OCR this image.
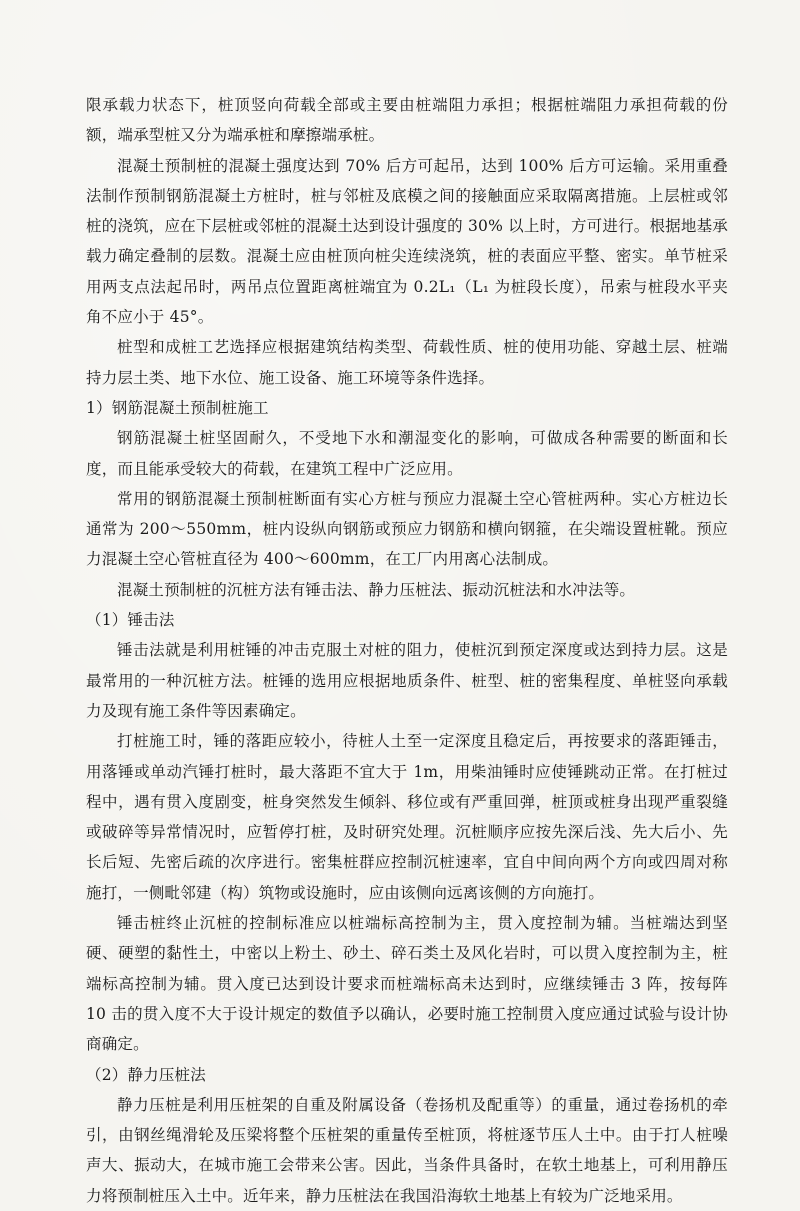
限承载力状态下，桩顶竖向荷载全部或主要由桩端阻力承担；根据桩端阻力承担荷载的份额，端承型桩又分为端承桩和摩擦端承桩。

混凝土预制桩的混凝土强度达到 70% 后方可起吊，达到 100% 后方可运输。采用重叠法制作预制钢筋混凝土方桩时，桩与邻桩及底模之间的接触面应采取隔离措施。上层桩或邻桩的浇筑，应在下层桩或邻桩的混凝土达到设计强度的 30% 以上时，方可进行。根据地基承载力确定叠制的层数。混凝土应由桩顶向桩尖连续浇筑，桩的表面应平整、密实。单节桩采用两支点法起吊时，两吊点位置距离桩端宜为 0.2L₁（L₁ 为桩段长度），吊索与桩段水平夹角不应小于 45°。

桩型和成桩工艺选择应根据建筑结构类型、荷载性质、桩的使用功能、穿越土层、桩端持力层土类、地下水位、施工设备、施工环境等条件选择。

1）钢筋混凝土预制桩施工

钢筋混凝土桩坚固耐久，不受地下水和潮湿变化的影响，可做成各种需要的断面和长度，而且能承受较大的荷载，在建筑工程中广泛应用。

常用的钢筋混凝土预制桩断面有实心方桩与预应力混凝土空心管桩两种。实心方桩边长通常为 200～550mm，桩内设纵向钢筋或预应力钢筋和横向钢箍，在尖端设置桩靴。预应力混凝土空心管桩直径为 400～600mm，在工厂内用离心法制成。

混凝土预制桩的沉桩方法有锤击法、静力压桩法、振动沉桩法和水冲法等。

（1）锤击法

锤击法就是利用桩锤的冲击克服土对桩的阻力，使桩沉到预定深度或达到持力层。这是最常用的一种沉桩方法。桩锤的选用应根据地质条件、桩型、桩的密集程度、单桩竖向承载力及现有施工条件等因素确定。

打桩施工时，锤的落距应较小，待桩人土至一定深度且稳定后，再按要求的落距锤击，用落锤或单动汽锤打桩时，最大落距不宜大于 1m，用柴油锤时应使锤跳动正常。在打桩过程中，遇有贯入度剧变，桩身突然发生倾斜、移位或有严重回弹，桩顶或桩身出现严重裂缝或破碎等异常情况时，应暂停打桩，及时研究处理。沉桩顺序应按先深后浅、先大后小、先长后短、先密后疏的次序进行。密集桩群应控制沉桩速率，宜自中间向两个方向或四周对称施打，一侧毗邻建（构）筑物或设施时，应由该侧向远离该侧的方向施打。

锤击桩终止沉桩的控制标准应以桩端标高控制为主，贯入度控制为辅。当桩端达到坚硬、硬塑的黏性土，中密以上粉土、砂土、碎石类土及风化岩时，可以贯入度控制为主，桩端标高控制为辅。贯入度已达到设计要求而桩端标高未达到时，应继续锤击 3 阵，按每阵 10 击的贯入度不大于设计规定的数值予以确认，必要时施工控制贯入度应通过试验与设计协商确定。

（2）静力压桩法

静力压桩是利用压桩架的自重及附属设备（卷扬机及配重等）的重量，通过卷扬机的牵引，由钢丝绳滑轮及压梁将整个压桩架的重量传至桩顶，将桩逐节压人土中。由于打人桩噪声大、振动大，在城市施工会带来公害。因此，当条件具备时，在软土地基上，可利用静压力将预制桩压入土中。近年来，静力压桩法在我国沿海软土地基上有较为广泛地采用。
